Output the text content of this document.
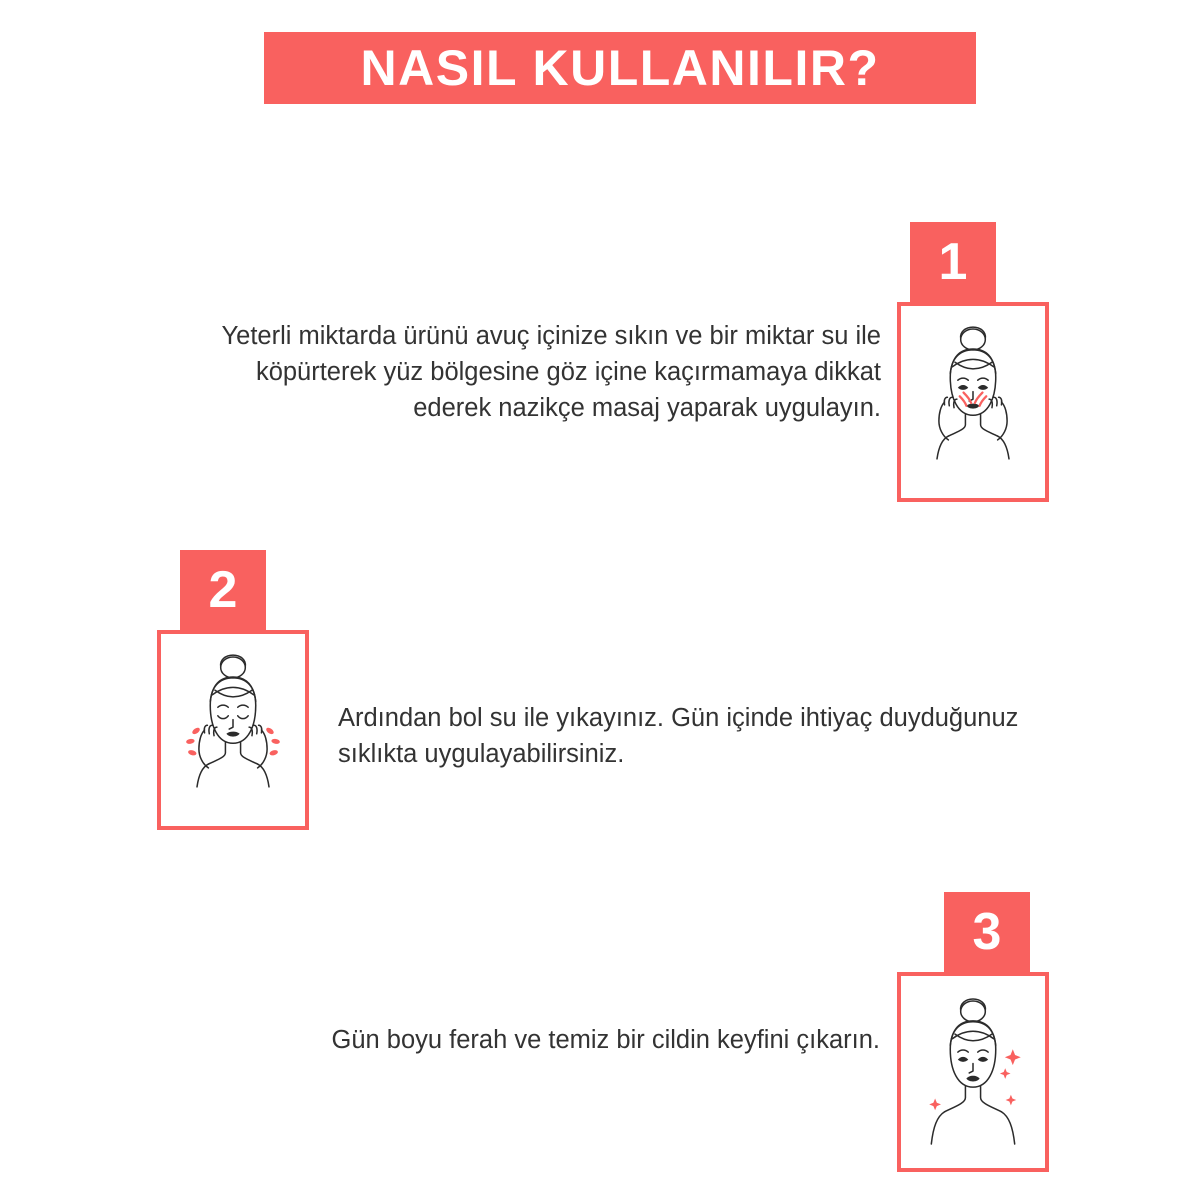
NASIL KULLANILIR?
1
Yeterli miktarda ürünü avuç içinize sıkın ve bir miktar su ile köpürterek yüz bölgesine göz içine kaçırmamaya dikkat ederek nazikçe masaj yaparak uygulayın.
2
Ardından bol su ile yıkayınız. Gün içinde ihtiyaç duyduğunuz sıklıkta uygulayabilirsiniz.
3
Gün boyu ferah ve temiz bir cildin keyfini çıkarın.
